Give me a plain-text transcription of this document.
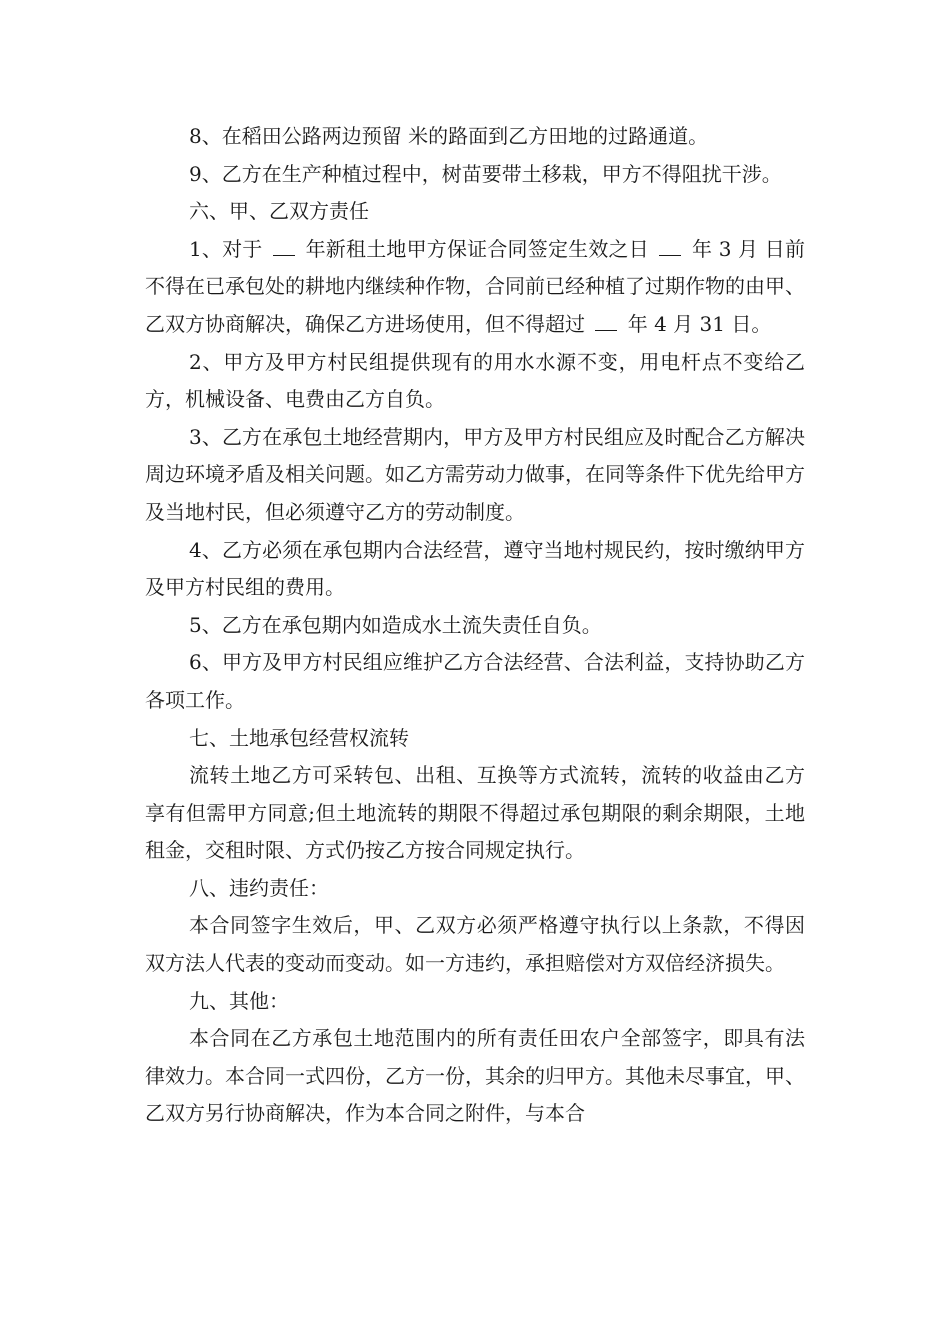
8、在稻田公路两边预留 米的路面到乙方田地的过路通道。

9、乙方在生产种植过程中，树苗要带土移栽，甲方不得阻扰干涉。

六、甲、乙双方责任

1、对于  年新租土地甲方保证合同签定生效之日  年 3 月 日前不得在已承包处的耕地内继续种作物，合同前已经种植了过期作物的由甲、乙双方协商解决，确保乙方进场使用，但不得超过  年 4 月 31 日。

2、甲方及甲方村民组提供现有的用水水源不变，用电杆点不变给乙方，机械设备、电费由乙方自负。

3、乙方在承包土地经营期内，甲方及甲方村民组应及时配合乙方解决周边环境矛盾及相关问题。如乙方需劳动力做事，在同等条件下优先给甲方及当地村民，但必须遵守乙方的劳动制度。

4、乙方必须在承包期内合法经营，遵守当地村规民约，按时缴纳甲方及甲方村民组的费用。

5、乙方在承包期内如造成水土流失责任自负。

6、甲方及甲方村民组应维护乙方合法经营、合法利益，支持协助乙方各项工作。

七、土地承包经营权流转

流转土地乙方可采转包、出租、互换等方式流转，流转的收益由乙方享有但需甲方同意;但土地流转的期限不得超过承包期限的剩余期限，土地租金，交租时限、方式仍按乙方按合同规定执行。

八、违约责任：

本合同签字生效后，甲、乙双方必须严格遵守执行以上条款，不得因双方法人代表的变动而变动。如一方违约，承担赔偿对方双倍经济损失。

九、其他：

本合同在乙方承包土地范围内的所有责任田农户全部签字，即具有法律效力。本合同一式四份，乙方一份，其余的归甲方。其他未尽事宜，甲、乙双方另行协商解决，作为本合同之附件，与本合
